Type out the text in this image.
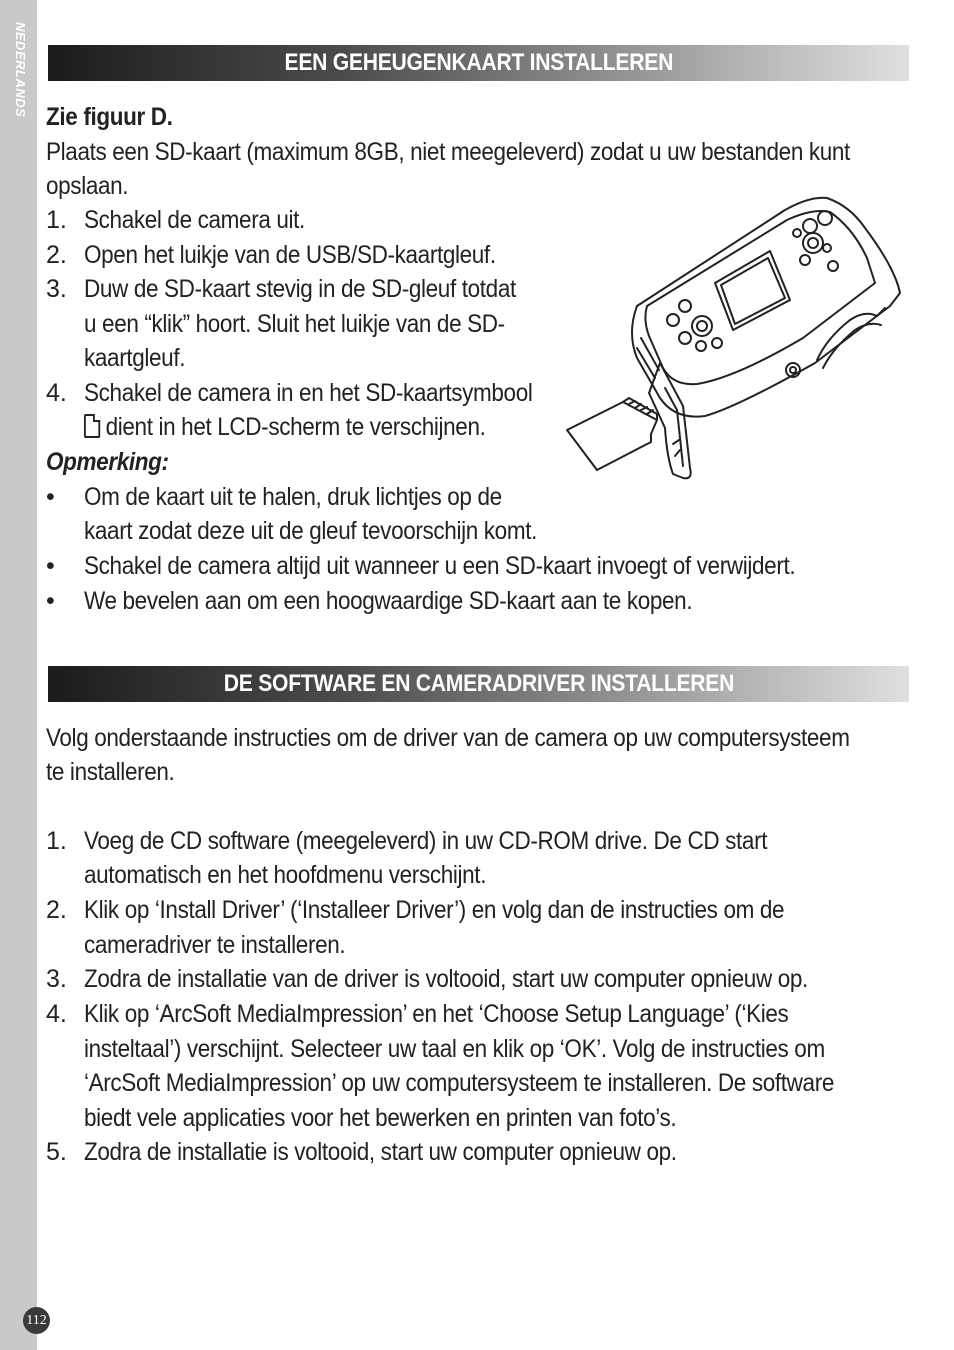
NEDERLANDS
112
EEN GEHEUGENKAART INSTALLEREN
Zie figuur D.
Plaats een SD-kaart (maximum 8GB, niet meegeleverd) zodat u uw bestanden kunt
opslaan.
1. Schakel de camera uit.
2. Open het luikje van de USB/SD-kaartgleuf.
3. Duw de SD-kaart stevig in de SD-gleuf totdat
u een “klik” hoort. Sluit het luikje van de SD-
kaartgleuf.
4. Schakel de camera in en het SD-kaartsymbool
dient in het LCD-scherm te verschijnen.
Opmerking:
• Om de kaart uit te halen, druk lichtjes op de
kaart zodat deze uit de gleuf tevoorschijn komt.
• Schakel de camera altijd uit wanneer u een SD-kaart invoegt of verwijdert.
• We bevelen aan om een hoogwaardige SD-kaart aan te kopen.
DE SOFTWARE EN CAMERADRIVER INSTALLEREN
Volg onderstaande instructies om de driver van de camera op uw computersysteem
te installeren.
1. Voeg de CD software (meegeleverd) in uw CD-ROM drive. De CD start
automatisch en het hoofdmenu verschijnt.
2. Klik op ‘Install Driver’ (‘Installeer Driver’) en volg dan de instructies om de
cameradriver te installeren.
3. Zodra de installatie van de driver is voltooid, start uw computer opnieuw op.
4. Klik op ‘ArcSoft MediaImpression’ en het ‘Choose Setup Language’ (‘Kies
insteltaal’) verschijnt. Selecteer uw taal en klik op ‘OK’. Volg de instructies om
‘ArcSoft MediaImpression’ op uw computersysteem te installeren. De software
biedt vele applicaties voor het bewerken en printen van foto’s.
5. Zodra de installatie is voltooid, start uw computer opnieuw op.
